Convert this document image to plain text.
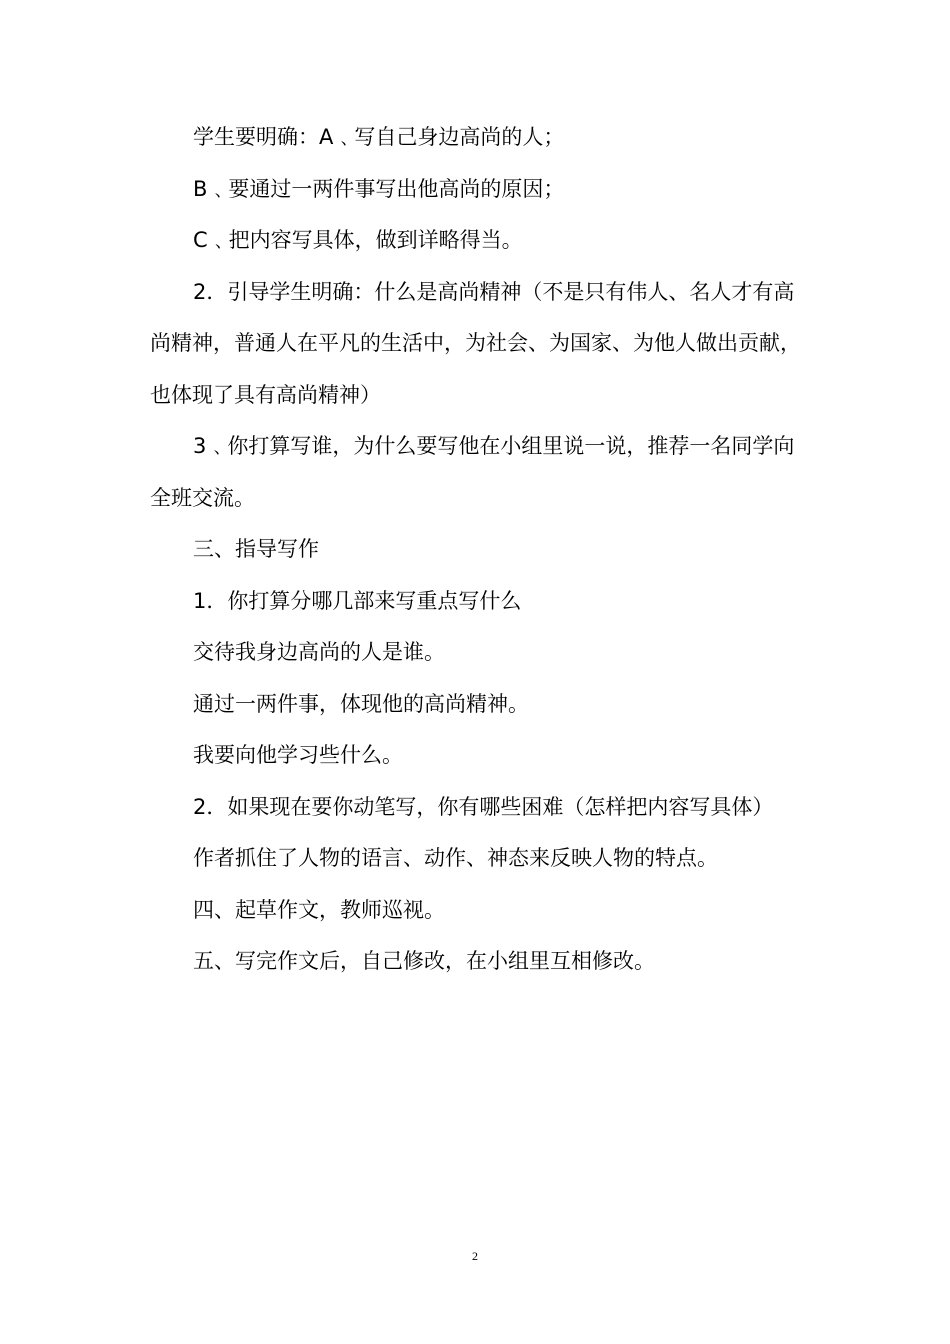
学生要明确：A﹑写自己身边高尚的人；

B﹑要通过一两件事写出他高尚的原因；

C﹑把内容写具体，做到详略得当。

2．引导学生明确：什么是高尚精神（不是只有伟人、名人才有高尚精神，普通人在平凡的生活中，为社会、为国家、为他人做出贡献，也体现了具有高尚精神）

3﹑你打算写谁，为什么要写他在小组里说一说，推荐一名同学向全班交流。

三、指导写作

1．你打算分哪几部来写重点写什么

交待我身边高尚的人是谁。

通过一两件事，体现他的高尚精神。

我要向他学习些什么。

2．如果现在要你动笔写，你有哪些困难（怎样把内容写具体）

作者抓住了人物的语言、动作、神态来反映人物的特点。

四、起草作文，教师巡视。

五、写完作文后，自己修改，在小组里互相修改。

2
